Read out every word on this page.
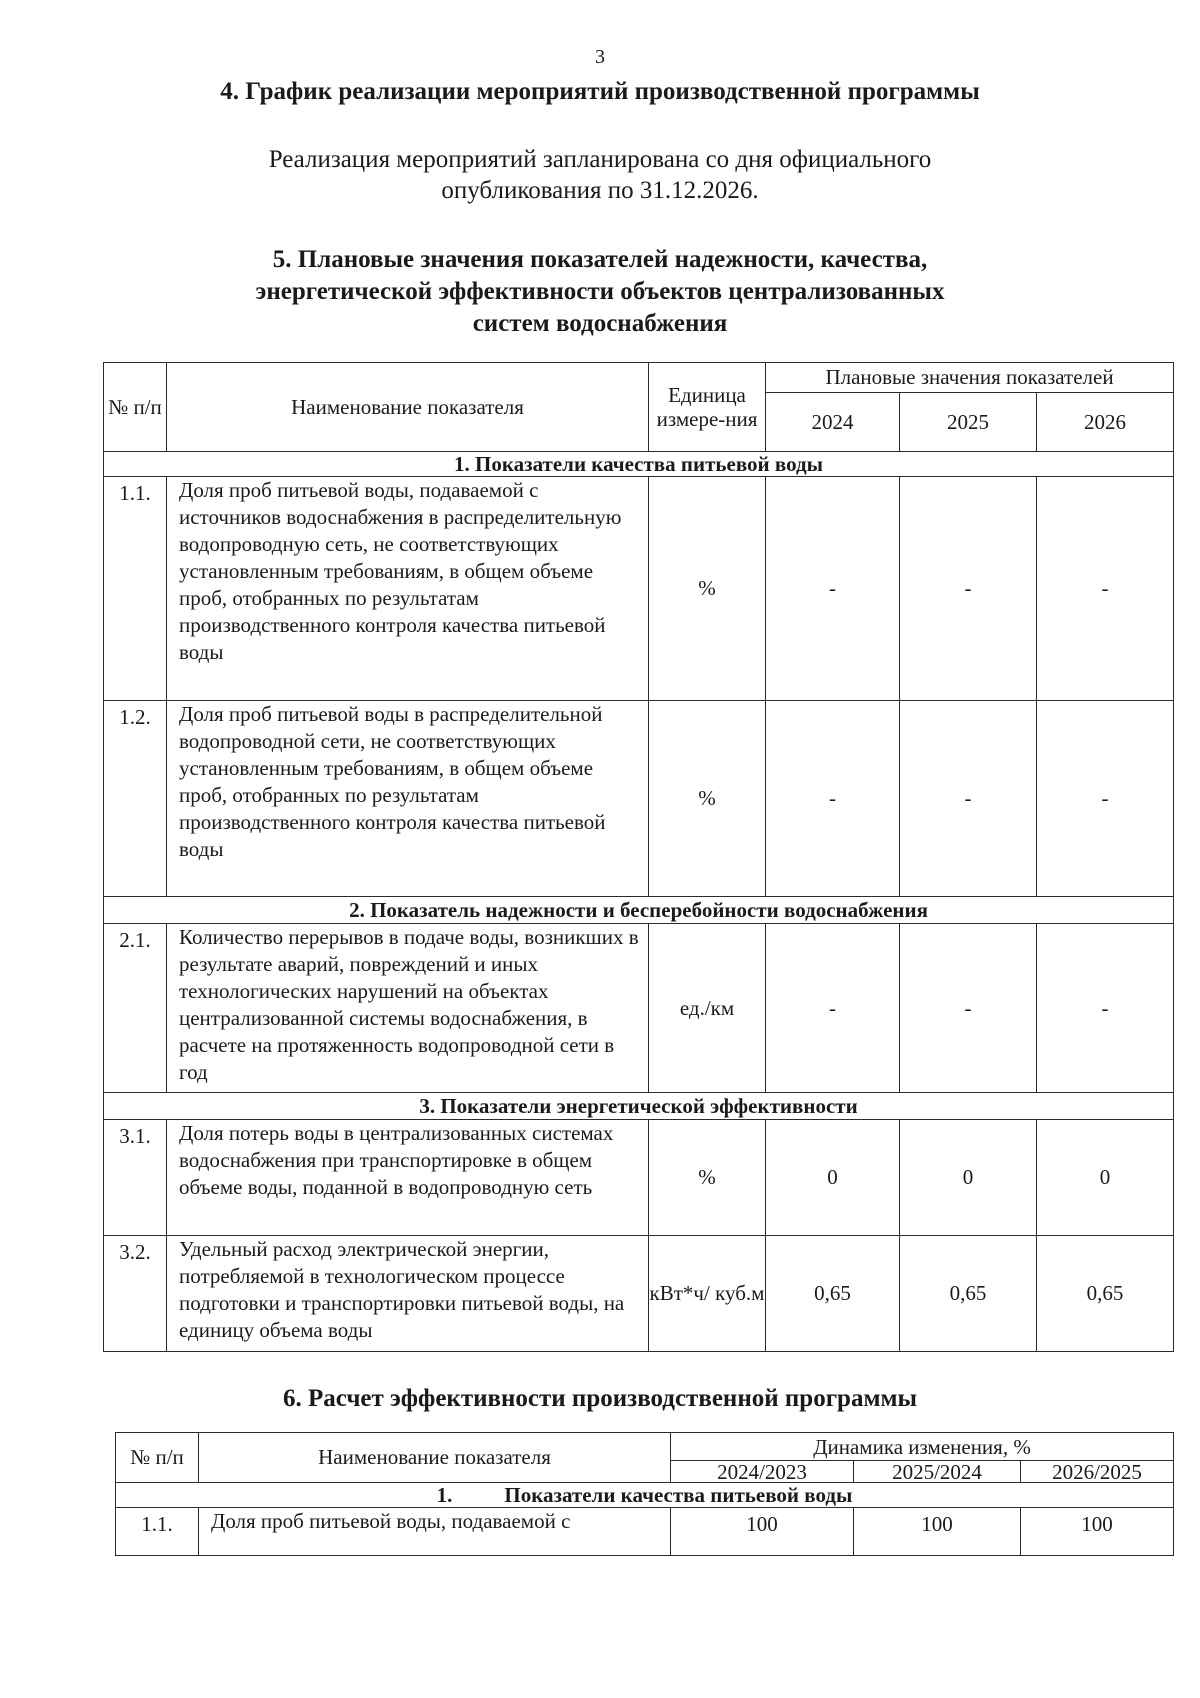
3
4. График реализации мероприятий производственной программы
Реализация мероприятий запланирована со дня официального
опубликования по 31.12.2026.
5. Плановые значения показателей надежности, качества,
энергетической эффективности объектов централизованных
систем водоснабжения
№ п/п	Наименование показателя	Единица измере-ния	Плановые значения показателей		
			2024	2025	2026
1. Показатели качества питьевой воды					
1.1.	Доля проб питьевой воды, подаваемой с источников водоснабжения в распределительную водопроводную сеть, не соответствующих установленным требованиям, в общем объеме проб, отобранных по результатам производственного контроля качества питьевой воды	%	-	-	-
1.2.	Доля проб питьевой воды в распределительной водопроводной сети, не соответствующих установленным требованиям, в общем объеме проб, отобранных по результатам производственного контроля качества питьевой воды	%	-	-	-
2. Показатель надежности и бесперебойности водоснабжения					
2.1.	Количество перерывов в подаче воды, возникших в результате аварий, повреждений и иных технологических нарушений на объектах централизованной системы водоснабжения, в расчете на протяженность водопроводной сети в год	ед./км	-	-	-
3. Показатели энергетической эффективности					
3.1.	Доля потерь воды в централизованных системах водоснабжения при транспортировке в общем объеме воды, поданной в водопроводную сеть	%	0	0	0
3.2.	Удельный расход электрической энергии, потребляемой в технологическом процессе подготовки и транспортировки питьевой воды, на единицу объема воды	кВт*ч/ куб.м	0,65	0,65	0,65
6. Расчет эффективности производственной программы
№ п/п	Наименование показателя	Динамика изменения, %		
		2024/2023	2025/2024	2026/2025
1. Показатели качества питьевой воды				
1.1.	Доля проб питьевой воды, подаваемой с	100	100	100
